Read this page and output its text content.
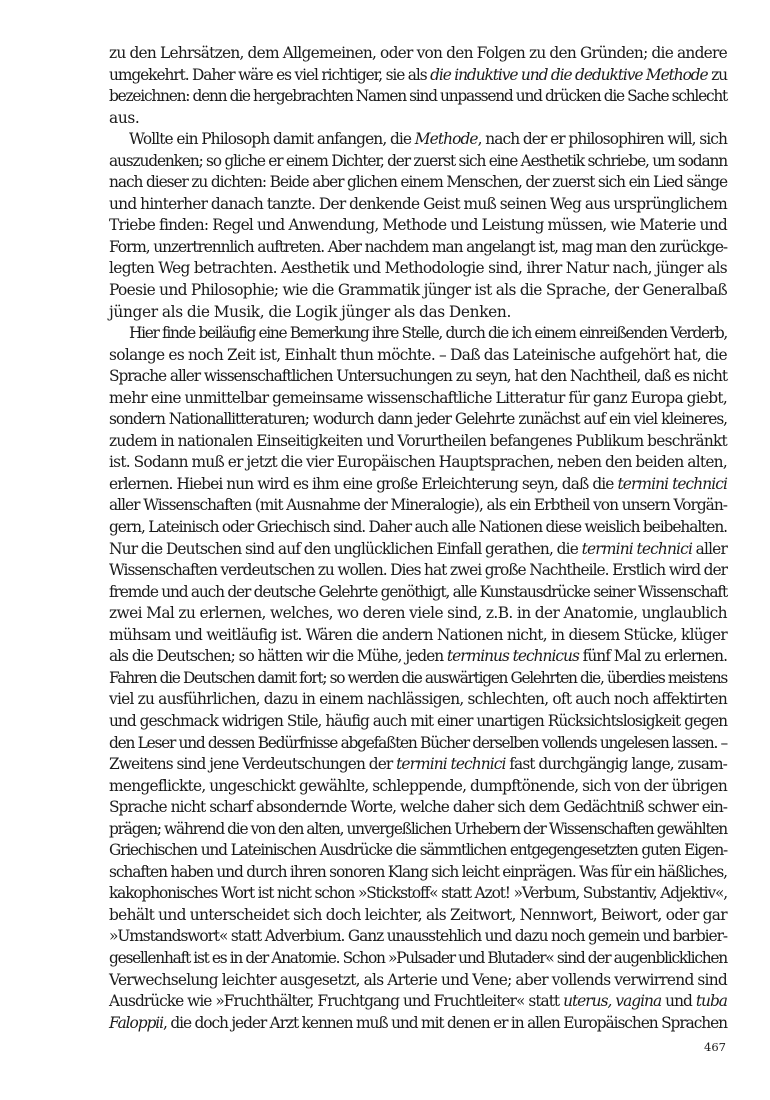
zu den Lehrsätzen, dem Allgemeinen, oder von den Folgen zu den Gründen; die andere
umgekehrt. Daher wäre es viel richtiger, sie als die induktive und die deduktive Methode zu
bezeichnen: denn die hergebrachten Namen sind unpassend und drücken die Sache schlecht
aus.
Wollte ein Philosoph damit anfangen, die Methode, nach der er philosophiren will, sich
auszudenken; so gliche er einem Dichter, der zuerst sich eine Aesthetik schriebe, um sodann
nach dieser zu dichten: Beide aber glichen einem Menschen, der zuerst sich ein Lied sänge
und hinterher danach tanzte. Der denkende Geist muß seinen Weg aus ursprünglichem
Triebe finden: Regel und Anwendung, Methode und Leistung müssen, wie Materie und
Form, unzertrennlich auftreten. Aber nachdem man angelangt ist, mag man den zurückge-
legten Weg betrachten. Aesthetik und Methodologie sind, ihrer Natur nach, jünger als
Poesie und Philosophie; wie die Grammatik jünger ist als die Sprache, der Generalbaß
jünger als die Musik, die Logik jünger als das Denken.
Hier finde beiläufig eine Bemerkung ihre Stelle, durch die ich einem einreißenden Verderb,
solange es noch Zeit ist, Einhalt thun möchte. – Daß das Lateinische aufgehört hat, die
Sprache aller wissenschaftlichen Untersuchungen zu seyn, hat den Nachtheil, daß es nicht
mehr eine unmittelbar gemeinsame wissenschaftliche Litteratur für ganz Europa giebt,
sondern Nationallitteraturen; wodurch dann jeder Gelehrte zunächst auf ein viel kleineres,
zudem in nationalen Einseitigkeiten und Vorurtheilen befangenes Publikum beschränkt
ist. Sodann muß er jetzt die vier Europäischen Hauptsprachen, neben den beiden alten,
erlernen. Hiebei nun wird es ihm eine große Erleichterung seyn, daß die termini technici
aller Wissenschaften (mit Ausnahme der Mineralogie), als ein Erbtheil von unsern Vorgän-
gern, Lateinisch oder Griechisch sind. Daher auch alle Nationen diese weislich beibehalten.
Nur die Deutschen sind auf den unglücklichen Einfall gerathen, die termini technici aller
Wissenschaften verdeutschen zu wollen. Dies hat zwei große Nachtheile. Erstlich wird der
fremde und auch der deutsche Gelehrte genöthigt, alle Kunstausdrücke seiner Wissenschaft
zwei Mal zu erlernen, welches, wo deren viele sind, z.B. in der Anatomie, unglaublich
mühsam und weitläufig ist. Wären die andern Nationen nicht, in diesem Stücke, klüger
als die Deutschen; so hätten wir die Mühe, jeden terminus technicus fünf Mal zu erlernen.
Fahren die Deutschen damit fort; so werden die auswärtigen Gelehrten die, überdies meistens
viel zu ausführlichen, dazu in einem nachlässigen, schlechten, oft auch noch affektirten
und geschmack widrigen Stile, häufig auch mit einer unartigen Rücksichtslosigkeit gegen
den Leser und dessen Bedürfnisse abgefaßten Bücher derselben vollends ungelesen lassen. –
Zweitens sind jene Verdeutschungen der termini technici fast durchgängig lange, zusam-
mengeflickte, ungeschickt gewählte, schleppende, dumpftönende, sich von der übrigen
Sprache nicht scharf absondernde Worte, welche daher sich dem Gedächtniß schwer ein-
prägen; während die von den alten, unvergeßlichen Urhebern der Wissenschaften gewählten
Griechischen und Lateinischen Ausdrücke die sämmtlichen entgegengesetzten guten Eigen-
schaften haben und durch ihren sonoren Klang sich leicht einprägen. Was für ein häßliches,
kakophonisches Wort ist nicht schon »Stickstoff« statt Azot! »Verbum, Substantiv, Adjektiv«,
behält und unterscheidet sich doch leichter, als Zeitwort, Nennwort, Beiwort, oder gar
»Umstandswort« statt Adverbium. Ganz unausstehlich und dazu noch gemein und barbier-
gesellenhaft ist es in der Anatomie. Schon »Pulsader und Blutader« sind der augenblicklichen
Verwechselung leichter ausgesetzt, als Arterie und Vene; aber vollends verwirrend sind
Ausdrücke wie »Fruchthälter, Fruchtgang und Fruchtleiter« statt uterus, vagina und tuba
Faloppii, die doch jeder Arzt kennen muß und mit denen er in allen Europäischen Sprachen
467
